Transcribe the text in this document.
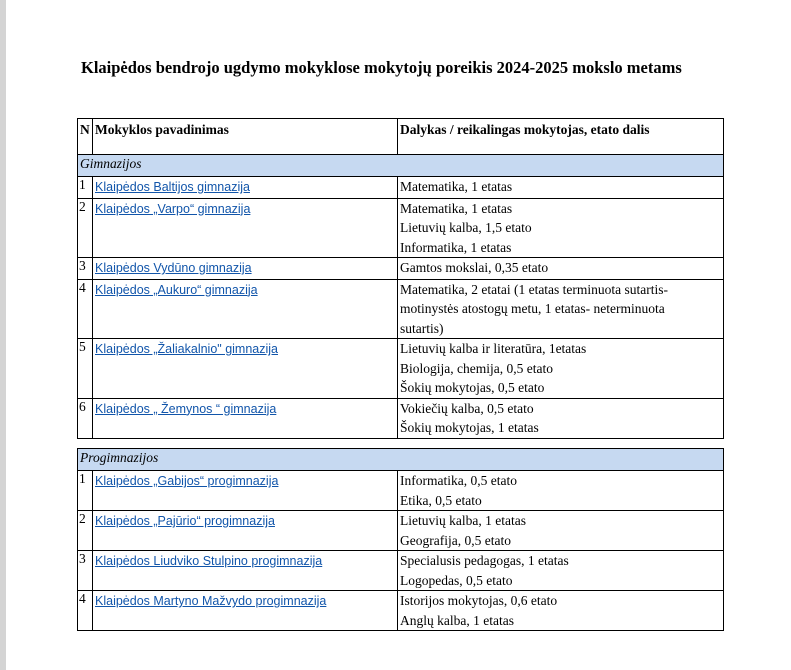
Klaipėdos bendrojo ugdymo mokyklose mokytojų poreikis 2024-2025 mokslo metams
N	Mokyklos pavadinimas	Dalykas / reikalingas mokytojas, etato dalis
Gimnazijos		
1	Klaipėdos Baltijos gimnazija	Matematika, 1 etatas

2	Klaipėdos „Varpo“ gimnazija	Matematika, 1 etatas
Lietuvių kalba, 1,5 etato
Informatika, 1 etatas

3	Klaipėdos Vydūno gimnazija	Gamtos mokslai, 0,35 etato

4	Klaipėdos „Aukuro“ gimnazija	Matematika, 2 etatai (1 etatas terminuota sutartis-
motinystės atostogų metu, 1 etatas- neterminuota
sutartis)

5	Klaipėdos „Žaliakalnio" gimnazija	Lietuvių kalba ir literatūra, 1etatas
Biologija, chemija, 0,5 etato
Šokių mokytojas, 0,5 etato

6	Klaipėdos „ Žemynos “ gimnazija	Vokiečių kalba, 0,5 etato
Šokių mokytojas, 1 etatas
Progimnazijos		
1	Klaipėdos „Gabijos“ progimnazija	Informatika, 0,5 etato
Etika, 0,5 etato

2	Klaipėdos „Pajūrio“ progimnazija	Lietuvių kalba, 1 etatas
Geografija, 0,5 etato

3	Klaipėdos Liudviko Stulpino progimnazija	Specialusis pedagogas, 1 etatas
Logopedas, 0,5 etato

4	Klaipėdos Martyno Mažvydo progimnazija	Istorijos mokytojas, 0,6 etato
Anglų kalba, 1 etatas
